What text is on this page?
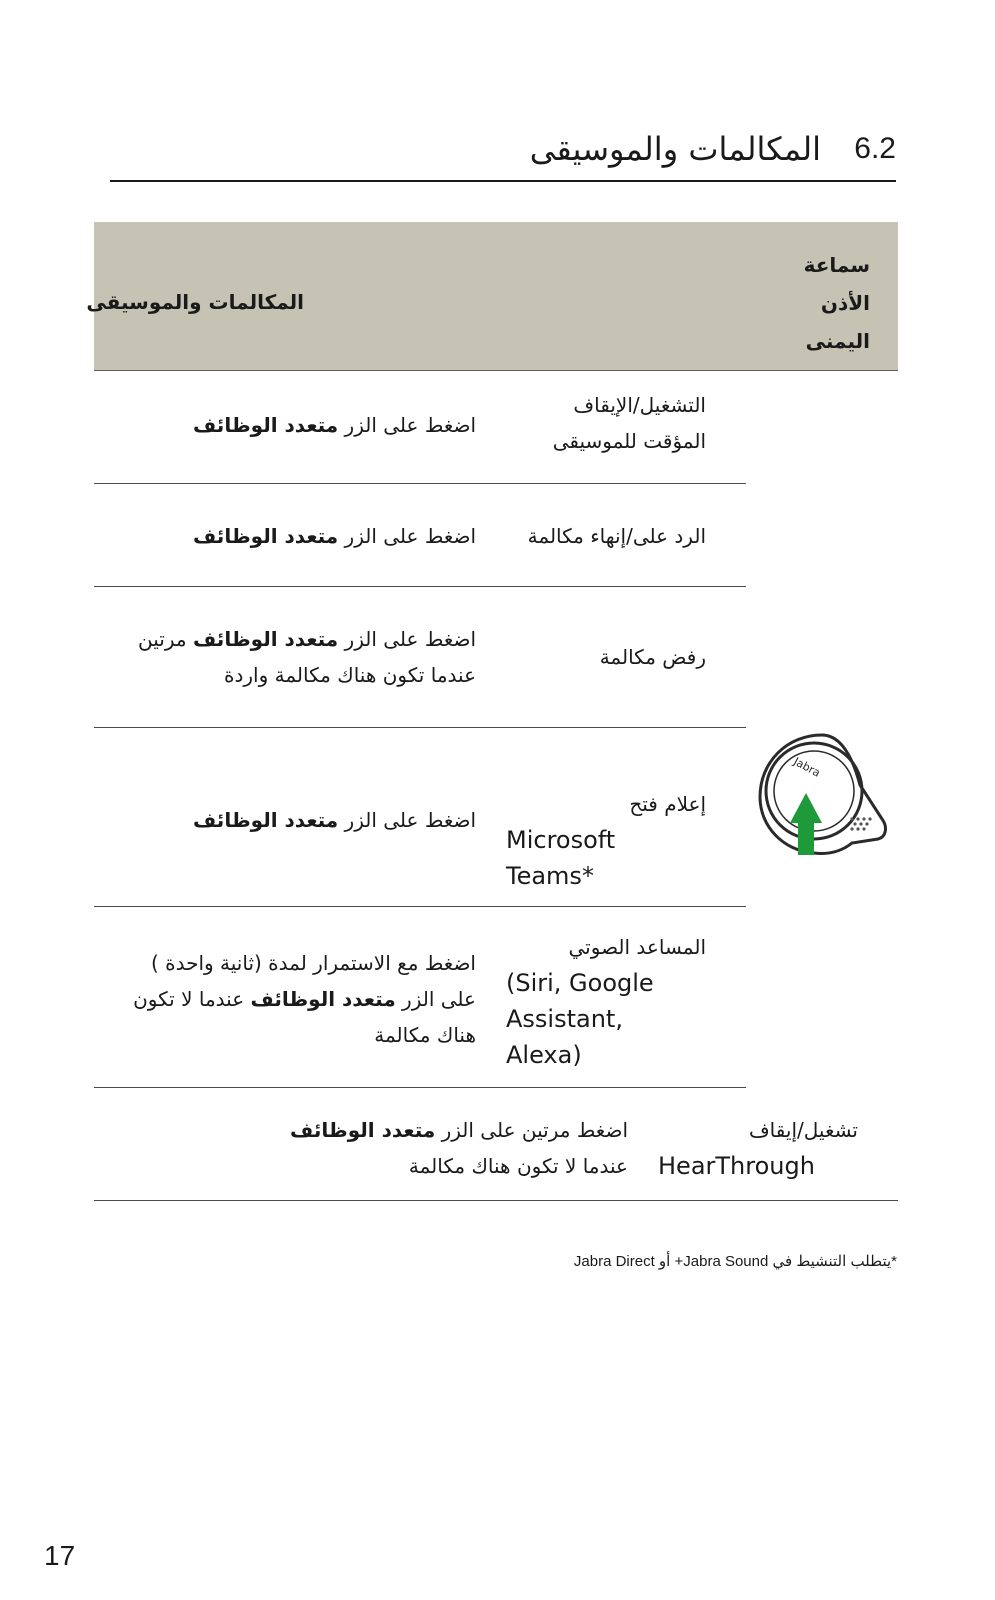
6.2
المكالمات والموسيقى
سماعة الأذن اليمنى
المكالمات والموسيقى
التشغيل/الإيقاف المؤقت للموسيقى
اضغط على الزر متعدد الوظائف
الرد على/إنهاء مكالمة
اضغط على الزر متعدد الوظائف
رفض مكالمة
اضغط على الزر متعدد الوظائف مرتين عندما تكون هناك مكالمة واردة
إعلام فتح
Microsoft Teams*
اضغط على الزر متعدد الوظائف
المساعد الصوتي
(Siri, Google Assistant, Alexa)
اضغط مع الاستمرار لمدة (ثانية واحدة ) على الزر متعدد الوظائف عندما لا تكون هناك مكالمة
تشغيل/إيقاف
HearThrough
اضغط مرتين على الزر متعدد الوظائف عندما لا تكون هناك مكالمة
Jabra
*يتطلب التنشيط في Jabra Sound+ أو Jabra Direct
17
